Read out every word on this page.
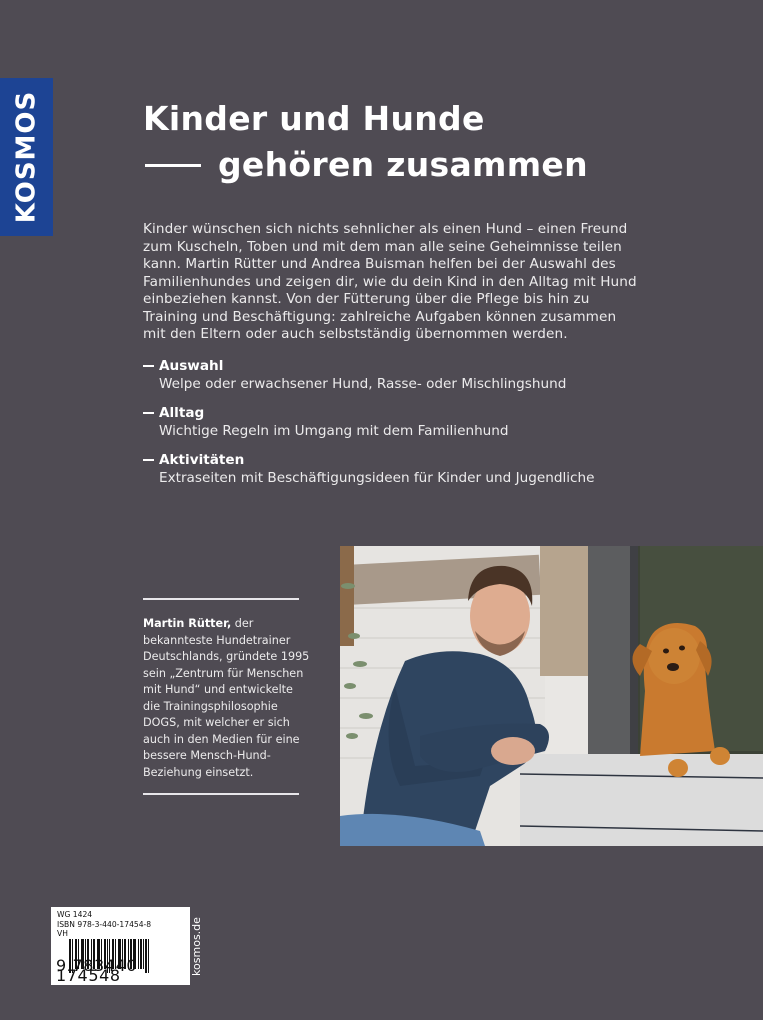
KOSMOS	Kinder und Hunde
gehören zusammen

Kinder wünschen sich nichts sehnlicher als einen Hund – einen Freund zum Kuscheln, Toben und mit dem man alle seine Geheimnisse teilen kann. Martin Rütter und Andrea Buisman helfen bei der Auswahl des Familienhundes und zeigen dir, wie du dein Kind in den Alltag mit Hund einbeziehen kannst. Von der Fütterung über die Pflege bis hin zu Training und Beschäftigung: zahlreiche Aufgaben können zusammen mit den Eltern oder auch selbstständig übernommen werden.

Auswahl
Welpe oder erwachsener Hund, Rasse- oder Mischlingshund
Alltag
Wichtige Regeln im Umgang mit dem Familienhund
Aktivitäten
Extraseiten mit Beschäftigungsideen für Kinder und Jugendliche

Martin Rütter, der bekannteste Hundetrainer Deutschlands, gründete 1995 sein „Zentrum für Menschen mit Hund“ und entwickelte die Trainingsphilosophie DOGS, mit welcher er sich auch in den Medien für eine bessere Mensch-Hund-Beziehung einsetzt.

WG 1424
ISBN 978-3-440-17454-8
VH
9 783440 174548	kosmos.de
